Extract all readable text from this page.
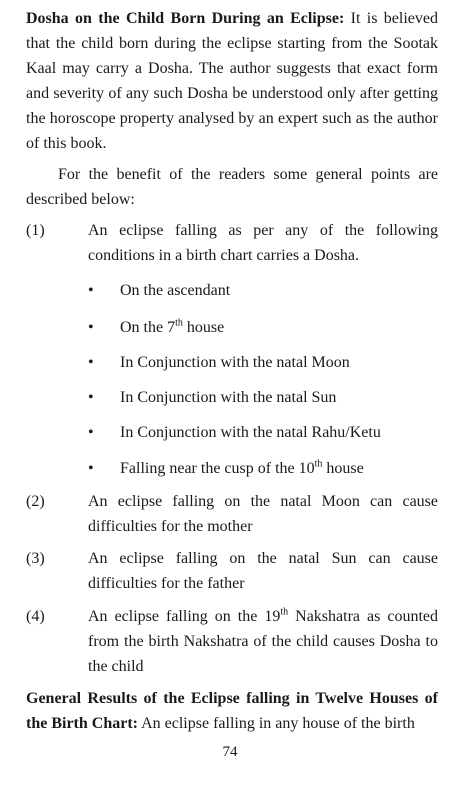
Dosha on the Child Born During an Eclipse: It is believed that the child born during the eclipse starting from the Sootak Kaal may carry a Dosha. The author suggests that exact form and severity of any such Dosha be understood only after getting the horoscope property analysed by an expert such as the author of this book.

For the benefit of the readers some general points are described below:

(1)	An eclipse falling as per any of the following conditions in a birth chart carries a Dosha.

• On the ascendant

• On the 7th house

• In Conjunction with the natal Moon

• In Conjunction with the natal Sun

• In Conjunction with the natal Rahu/Ketu

• Falling near the cusp of the 10th house

(2)	An eclipse falling on the natal Moon can cause difficulties for the mother

(3)	An eclipse falling on the natal Sun can cause difficulties for the father

(4)	An eclipse falling on the 19th Nakshatra as counted from the birth Nakshatra of the child causes Dosha to the child

General Results of the Eclipse falling in Twelve Houses of the Birth Chart: An eclipse falling in any house of the birth

74
